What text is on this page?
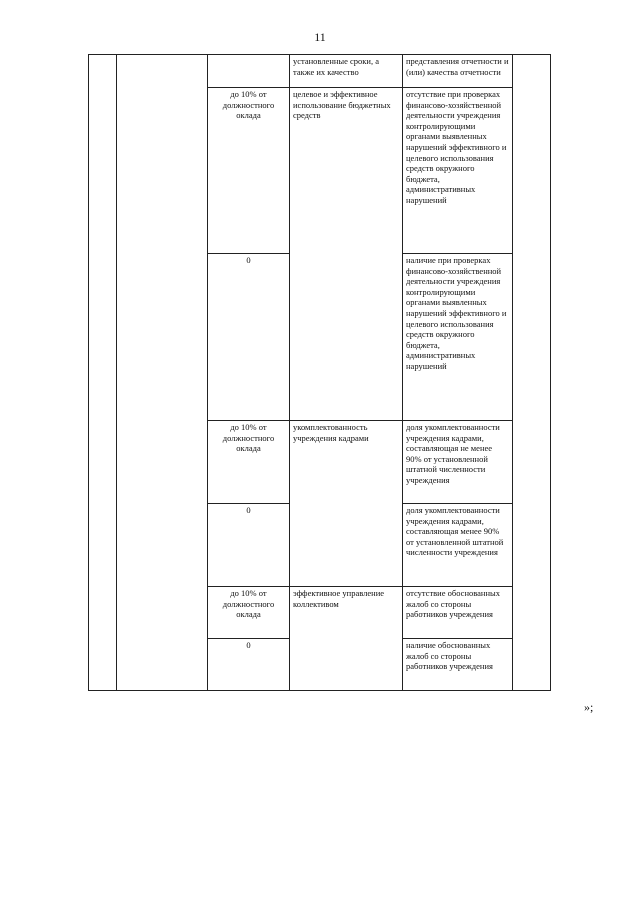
11
			установленные сроки, а также их качество	представления отчетности и (или) качества отчетности	
		до 10% от должностного оклада	целевое и эффективное использование бюджетных средств	отсутствие при проверках финансово-хозяйственной деятельности учреждения контролирующими органами выявленных нарушений эффективного и целевого использования средств окружного бюджета, административных нарушений	
		0		наличие при проверках финансово-хозяйственной деятельности учреждения контролирующими органами выявленных нарушений эффективного и целевого использования средств окружного бюджета, административных нарушений	
		до 10% от должностного оклада	укомплектованность учреждения кадрами	доля укомплектованности учреждения кадрами, составляющая не менее 90% от установленной штатной численности учреждения	
		0		доля укомплектованности учреждения кадрами, составляющая менее 90% от установленной штатной численности учреждения	
		до 10% от должностного оклада	эффективное управление коллективом	отсутствие обоснованных жалоб со стороны работников учреждения	
		0		наличие обоснованных жалоб со стороны работников учреждения	
»;
